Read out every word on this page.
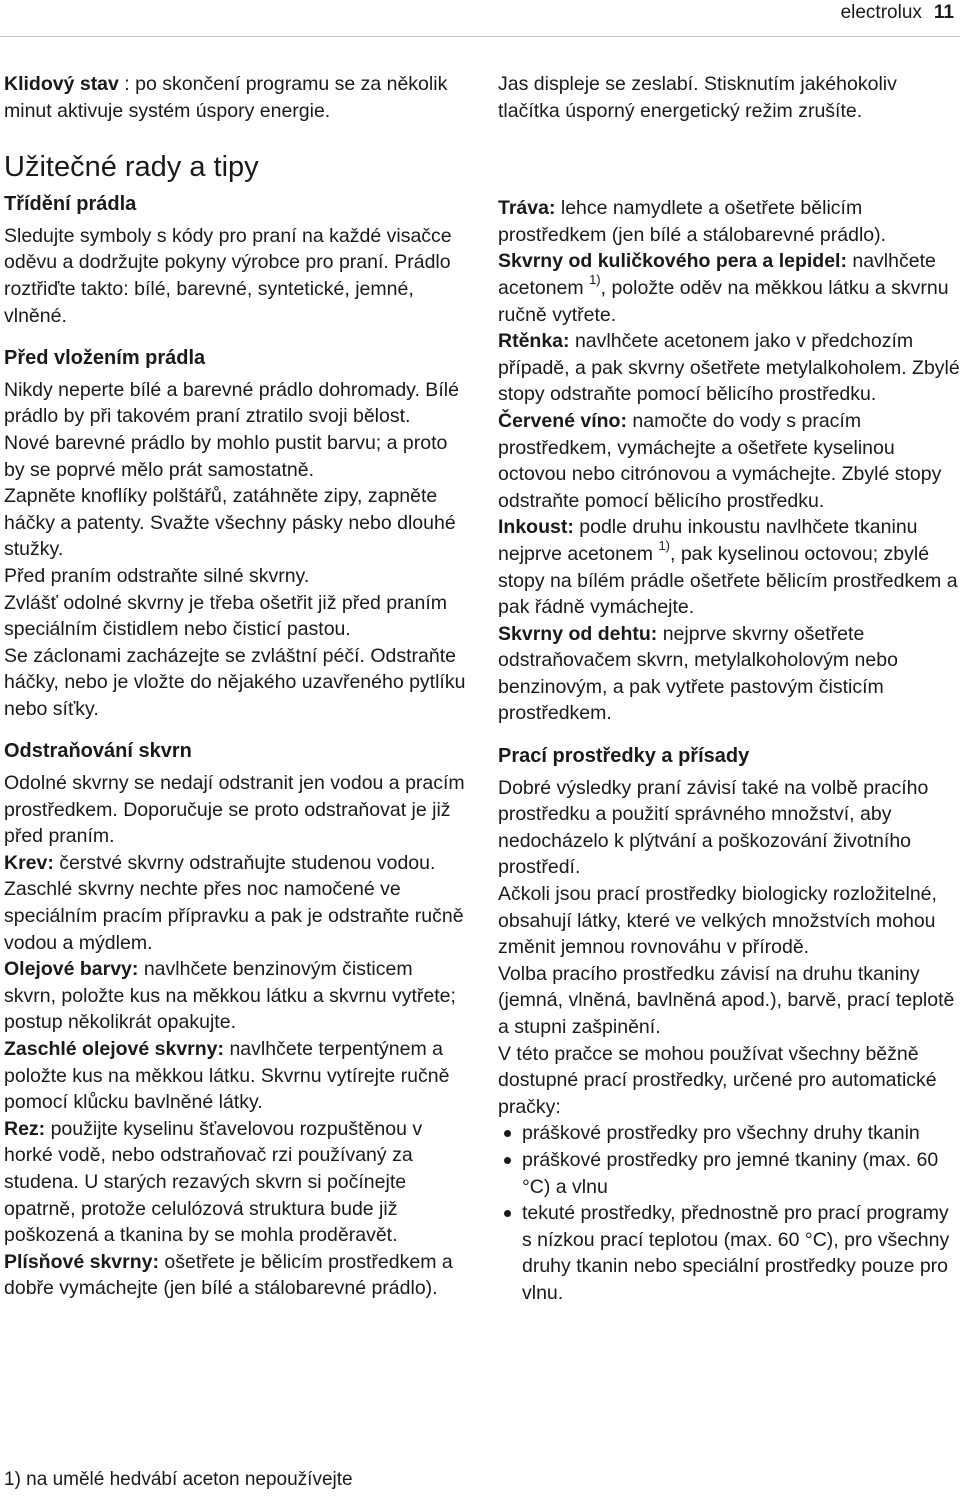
electrolux 11

Klidový stav : po skončení programu se za několik minut aktivuje systém úspory energie.

Užitečné rady a tipy
Třídění prádla

Sledujte symboly s kódy pro praní na každé visačce oděvu a dodržujte pokyny výrobce pro praní. Prádlo roztřiďte takto: bílé, barevné, syntetické, jemné, vlněné.

Před vložením prádla

Nikdy neperte bílé a barevné prádlo dohromady. Bílé prádlo by při takovém praní ztratilo svoji bělost.

Nové barevné prádlo by mohlo pustit barvu; a proto by se poprvé mělo prát samostatně.

Zapněte knoflíky polštářů, zatáhněte zipy, zapněte háčky a patenty. Svažte všechny pásky nebo dlouhé stužky.

Před praním odstraňte silné skvrny.

Zvlášť odolné skvrny je třeba ošetřit již před praním speciálním čistidlem nebo čisticí pastou.

Se záclonami zacházejte se zvláštní péčí. Odstraňte háčky, nebo je vložte do nějakého uzavřeného pytlíku nebo síťky.

Odstraňování skvrn

Odolné skvrny se nedají odstranit jen vodou a pracím prostředkem. Doporučuje se proto odstraňovat je již před praním.

Krev: čerstvé skvrny odstraňujte studenou vodou. Zaschlé skvrny nechte přes noc namočené ve speciálním pracím přípravku a pak je odstraňte ručně vodou a mýdlem.

Olejové barvy: navlhčete benzinovým čisticem skvrn, položte kus na měkkou látku a skvrnu vytřete; postup několikrát opakujte.

Zaschlé olejové skvrny: navlhčete terpentýnem a položte kus na měkkou látku. Skvrnu vytírejte ručně pomocí klůcku bavlněné látky.

Rez: použijte kyselinu šťavelovou rozpuštěnou v horké vodě, nebo odstraňovač rzi používaný za studena. U starých rezavých skvrn si počínejte opatrně, protože celulózová struktura bude již poškozená a tkanina by se mohla proděravět.

Plísňové skvrny: ošetřete je bělicím prostředkem a dobře vymáchejte (jen bílé a stálobarevné prádlo).

Jas displeje se zeslabí. Stisknutím jakéhokoliv tlačítka úsporný energetický režim zrušíte.

Tráva: lehce namydlete a ošetřete bělicím prostředkem (jen bílé a stálobarevné prádlo).

Skvrny od kuličkového pera a lepidel: navlhčete acetonem $^{1)}$, položte oděv na měkkou látku a skvrnu ručně vytřete.

Rtěnka: navlhčete acetonem jako v předchozím případě, a pak skvrny ošetřete metylalkoholem. Zbylé stopy odstraňte pomocí bělicího prostředku.

Červené víno: namočte do vody s pracím prostředkem, vymáchejte a ošetřete kyselinou octovou nebo citrónovou a vymáchejte. Zbylé stopy odstraňte pomocí bělicího prostředku.

Inkoust: podle druhu inkoustu navlhčete tkaninu nejprve acetonem $^{1)}$, pak kyselinou octovou; zbylé stopy na bílém prádle ošetřete bělicím prostředkem a pak řádně vymáchejte.

Skvrny od dehtu: nejprve skvrny ošetřete odstraňovačem skvrn, metylalkoholovým nebo benzinovým, a pak vytřete pastovým čisticím prostředkem.

Prací prostředky a přísady

Dobré výsledky praní závisí také na volbě pracího prostředku a použití správného množství, aby nedocházelo k plýtvání a poškozování životního prostředí.

Ačkoli jsou prací prostředky biologicky rozložitelné, obsahují látky, které ve velkých množstvích mohou změnit jemnou rovnováhu v přírodě.

Volba pracího prostředku závisí na druhu tkaniny (jemná, vlněná, bavlněná apod.), barvě, prací teplotě a stupni zašpinění.

V této pračce se mohou používat všechny běžně dostupné prací prostředky, určené pro automatické pračky:

práškové prostředky pro všechny druhy tkanin
práškové prostředky pro jemné tkaniny (max. 60 °C) a vlnu
tekuté prostředky, přednostně pro prací programy s nízkou prací teplotou (max. 60 °C), pro všechny druhy tkanin nebo speciální prostředky pouze pro vlnu.
1) na umělé hedvábí aceton nepoužívejte
